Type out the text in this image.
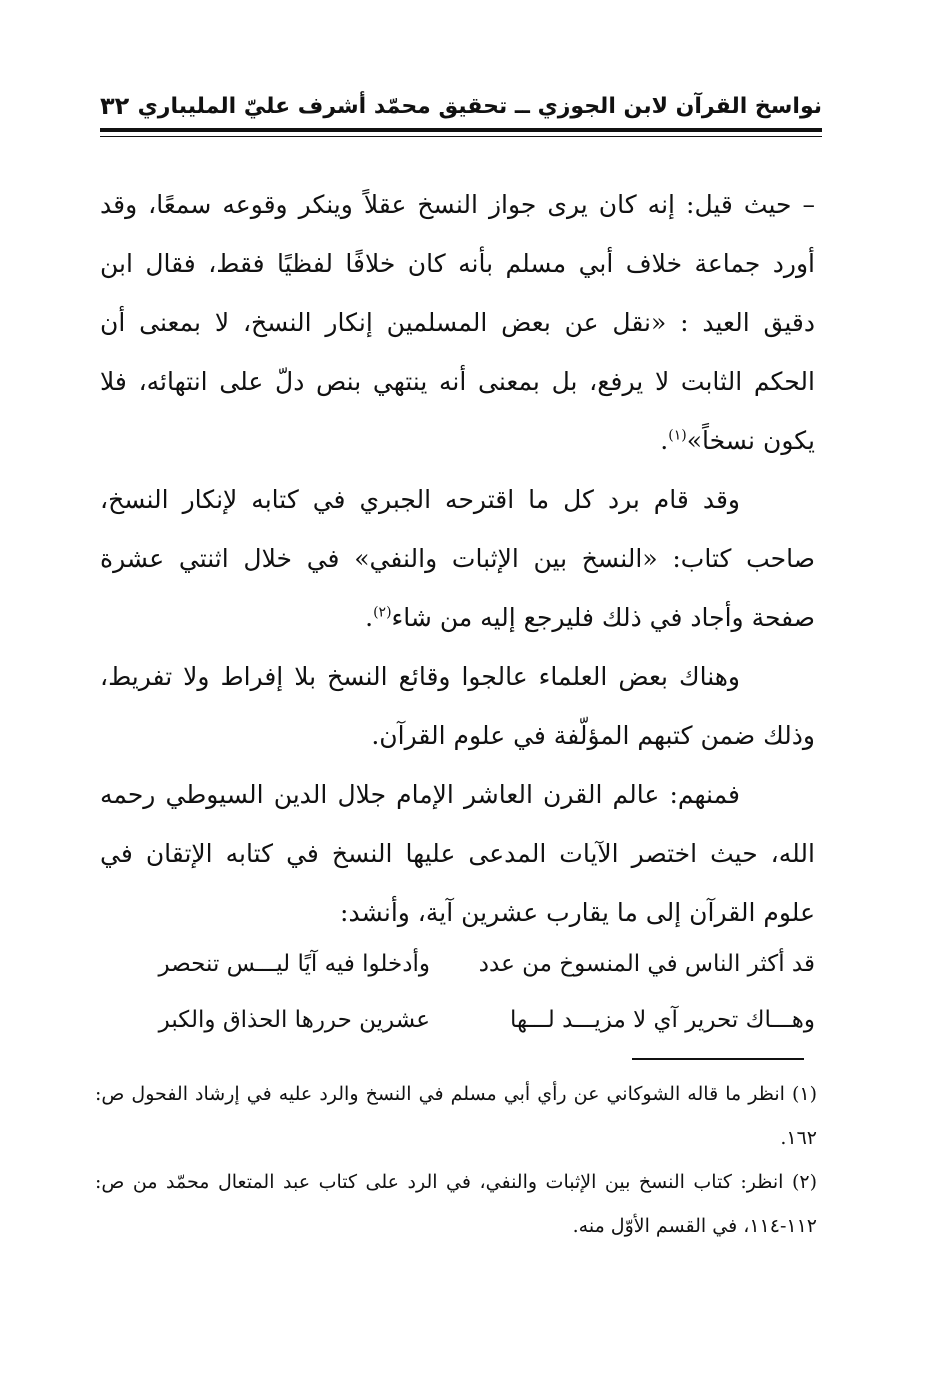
نواسخ القرآن لابن الجوزي ــ تحقيق محمّد أشرف عليّ المليباري
٣٢

– حيث قيل: إنه كان يرى جواز النسخ عقلاً وينكر وقوعه سمعًا، وقد أورد جماعة خلاف أبي مسلم بأنه كان خلافًا لفظيًا فقط، فقال ابن دقيق العيد : «نقل عن بعض المسلمين إنكار النسخ، لا بمعنى أن الحكم الثابت لا يرفع، بل بمعنى أنه ينتهي بنص دلّ على انتهائه، فلا يكون نسخاً»$^{(١)}$.

وقد قام برد كل ما اقترحه الجبري في كتابه لإنكار النسخ، صاحب كتاب: «النسخ بين الإثبات والنفي» في خلال اثنتي عشرة صفحة وأجاد في ذلك فليرجع إليه من شاء$^{(٢)}$.

وهناك بعض العلماء عالجوا وقائع النسخ بلا إفراط ولا تفريط، وذلك ضمن كتبهم المؤلّفة في علوم القرآن.

فمنهم: عالم القرن العاشر الإمام جلال الدين السيوطي رحمه الله، حيث اختصر الآيات المدعى عليها النسخ في كتابه الإتقان في علوم القرآن إلى ما يقارب عشرين آية، وأنشد:

قد أكثر الناس في المنسوخ من عدد
وأدخلوا فيه آيًا ليـــس تنحصر
وهـــاك تحرير آي لا مزيـــد لـــها
عشرين حررها الحذاق والكبر

(١) انظر ما قاله الشوكاني عن رأي أبي مسلم في النسخ والرد عليه في إرشاد الفحول ص: ١٦٢.

(٢) انظر: كتاب النسخ بين الإثبات والنفي، في الرد على كتاب عبد المتعال محمّد من ص: ١١٢-١١٤، في القسم الأوّل منه.
